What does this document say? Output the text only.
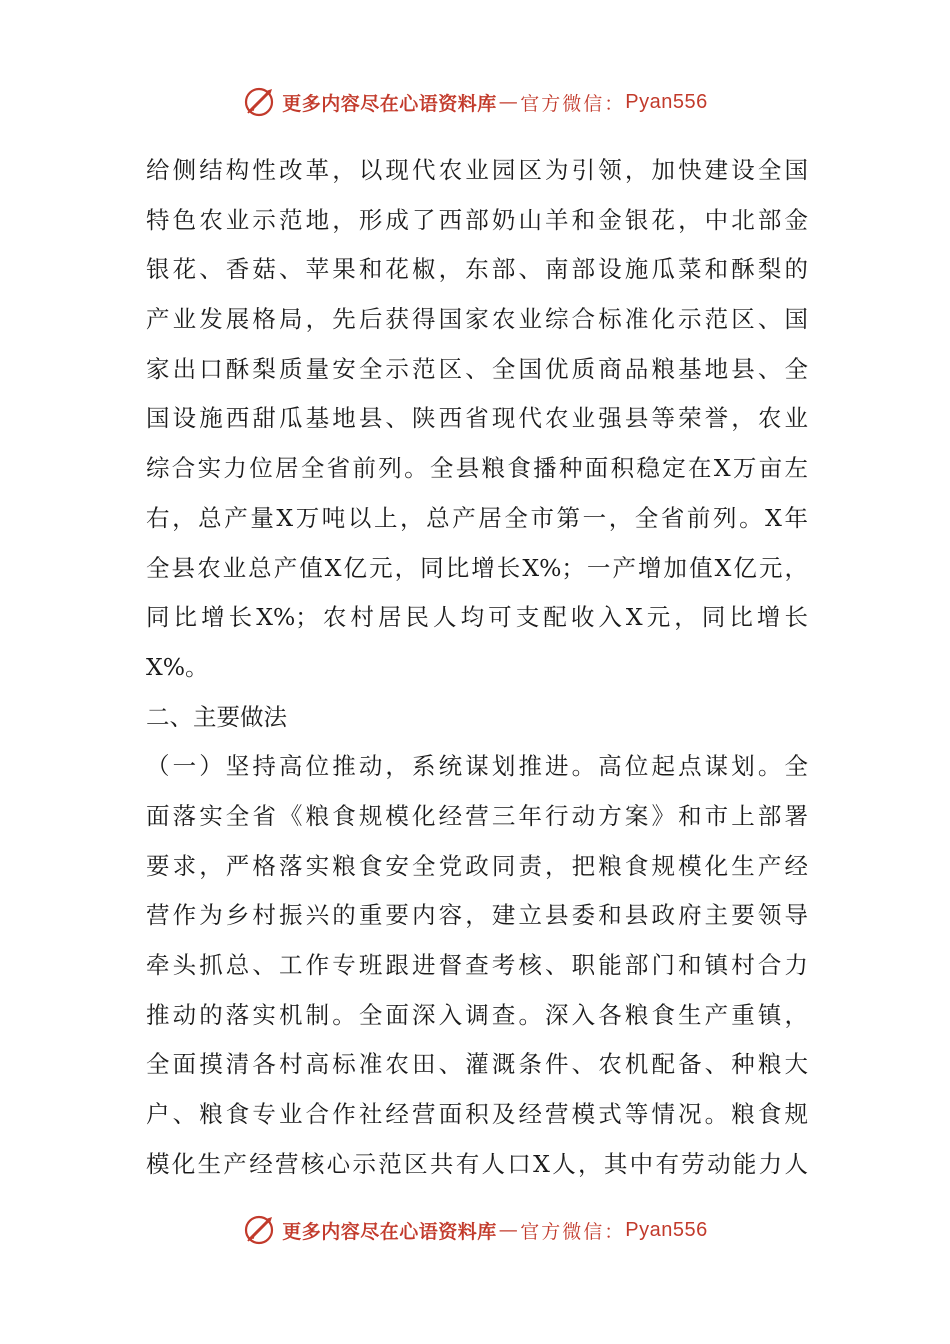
更多内容尽在心语资料库 — 官方微信： Pyan556
给侧结构性改革，以现代农业园区为引领，加快建设全国
特色农业示范地，形成了西部奶山羊和金银花，中北部金
银花、香菇、苹果和花椒，东部、南部设施瓜菜和酥梨的
产业发展格局，先后获得国家农业综合标准化示范区、国
家出口酥梨质量安全示范区、全国优质商品粮基地县、全
国设施西甜瓜基地县、陕西省现代农业强县等荣誉，农业
综合实力位居全省前列。全县粮食播种面积稳定在X万亩左
右，总产量X万吨以上，总产居全市第一，全省前列。X年
全县农业总产值X亿元，同比增长X%；一产增加值X亿元，
同比增长X%；农村居民人均可支配收入X元，同比增长
X%。
二、主要做法
（一）坚持高位推动，系统谋划推进。高位起点谋划。全
面落实全省《粮食规模化经营三年行动方案》和市上部署
要求，严格落实粮食安全党政同责，把粮食规模化生产经
营作为乡村振兴的重要内容，建立县委和县政府主要领导
牵头抓总、工作专班跟进督查考核、职能部门和镇村合力
推动的落实机制。全面深入调查。深入各粮食生产重镇，
全面摸清各村高标准农田、灌溉条件、农机配备、种粮大
户、粮食专业合作社经营面积及经营模式等情况。粮食规
模化生产经营核心示范区共有人口X人，其中有劳动能力人
更多内容尽在心语资料库 — 官方微信： Pyan556
